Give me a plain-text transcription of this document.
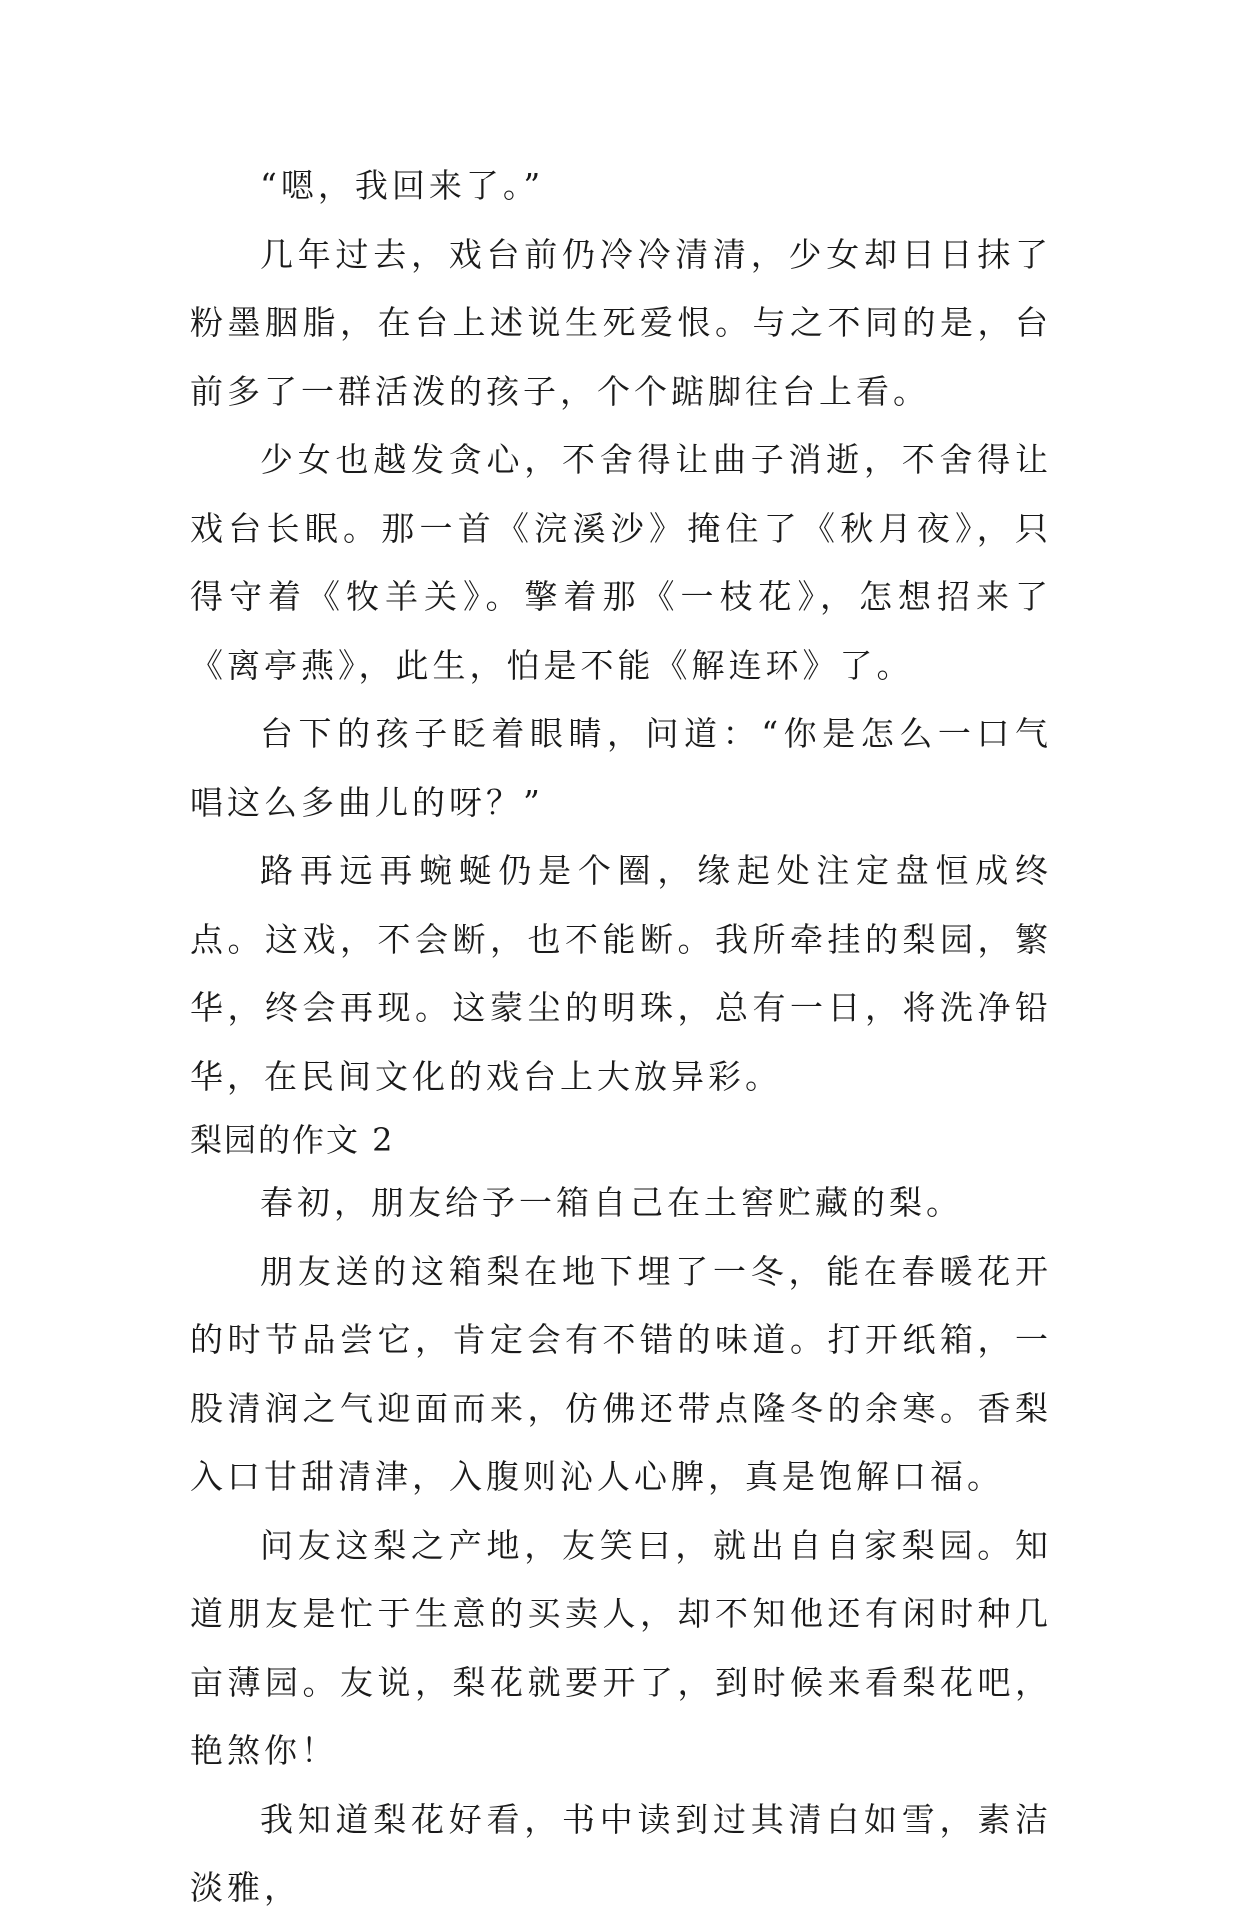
“嗯，我回来了。”

几年过去，戏台前仍冷冷清清，少女却日日抹了粉墨胭脂，在台上述说生死爱恨。与之不同的是，台前多了一群活泼的孩子，个个踮脚往台上看。

少女也越发贪心，不舍得让曲子消逝，不舍得让戏台长眠。那一首《浣溪沙》掩住了《秋月夜》，只得守着《牧羊关》。擎着那《一枝花》，怎想招来了《离亭燕》，此生，怕是不能《解连环》了。

台下的孩子眨着眼睛，问道：“你是怎么一口气唱这么多曲儿的呀？”

路再远再蜿蜒仍是个圈，缘起处注定盘恒成终点。这戏，不会断，也不能断。我所牵挂的梨园，繁华，终会再现。这蒙尘的明珠，总有一日，将洗净铅华，在民间文化的戏台上大放异彩。

梨园的作文 2

春初，朋友给予一箱自己在土窖贮藏的梨。

朋友送的这箱梨在地下埋了一冬，能在春暖花开的时节品尝它，肯定会有不错的味道。打开纸箱，一股清润之气迎面而来，仿佛还带点隆冬的余寒。香梨入口甘甜清津，入腹则沁人心脾，真是饱解口福。

问友这梨之产地，友笑曰，就出自自家梨园。知道朋友是忙于生意的买卖人，却不知他还有闲时种几亩薄园。友说，梨花就要开了，到时候来看梨花吧，艳煞你！

我知道梨花好看，书中读到过其清白如雪，素洁淡雅，
